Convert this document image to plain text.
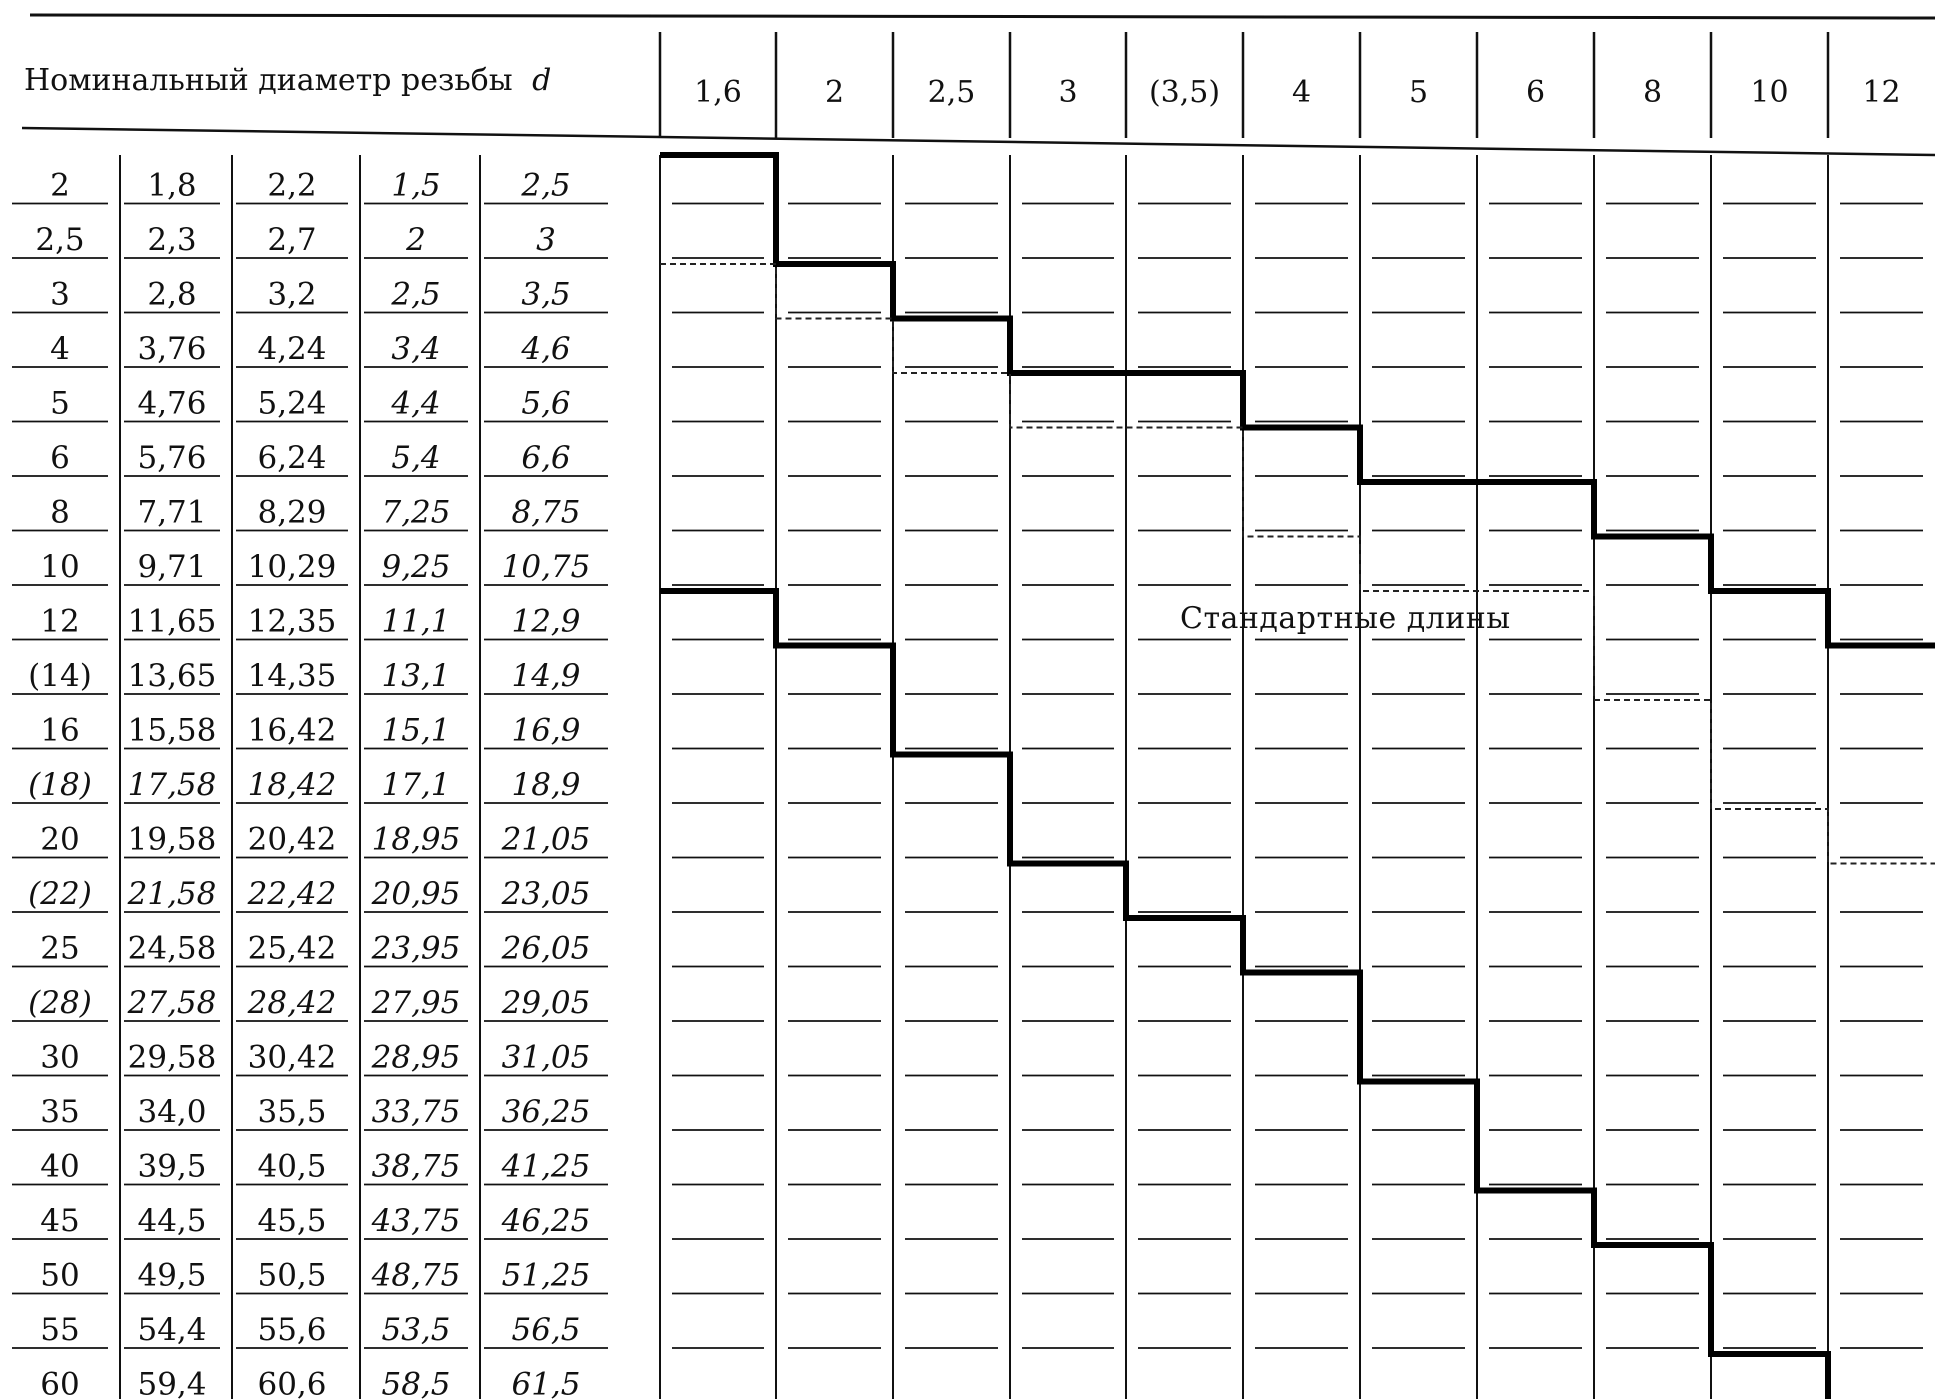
Номинальный диаметр резьбы d	1,6	2	2,5	3 (3,5) 4	5	6	8	10 12
2 1,8 2,2 1,5	2,5
2,5 2,3 2,7	2	3
3 2,8 3,2 2,5	3,5
4 3,76 4,24 3,4	4,6
5 4,76 5,24 4,4	5,6
6 5,76 6,24 5,4	6,6
8 7,71 8,29 7,25 8,75
10 9,71 10,29 9,25 10,75
12 11,65 12,35 11,1 12,9
(14) 13,65 14,35 13,1 14,9
16 15,58 16,42 15,1 16,9
(18) 17,58 18,42 17,1 18,9
20 19,58 20,42 18,95 21,05
(22) 21,58 22,42 20,95 23,05
25 24,58 25,42 23,95 26,05
(28) 27,58 28,42 27,95 29,05
30 29,58 30,42 28,95 31,05
35 34,0 35,5 33,75 36,25
40 39,5 40,5 38,75 41,25
45 44,5 45,5 43,75 46,25
50 49,5 50,5 48,75 51,25
55 54,4 55,6 53,5 56,5
60 59,4 60,6 58,5 61,5
Стандартные длины
